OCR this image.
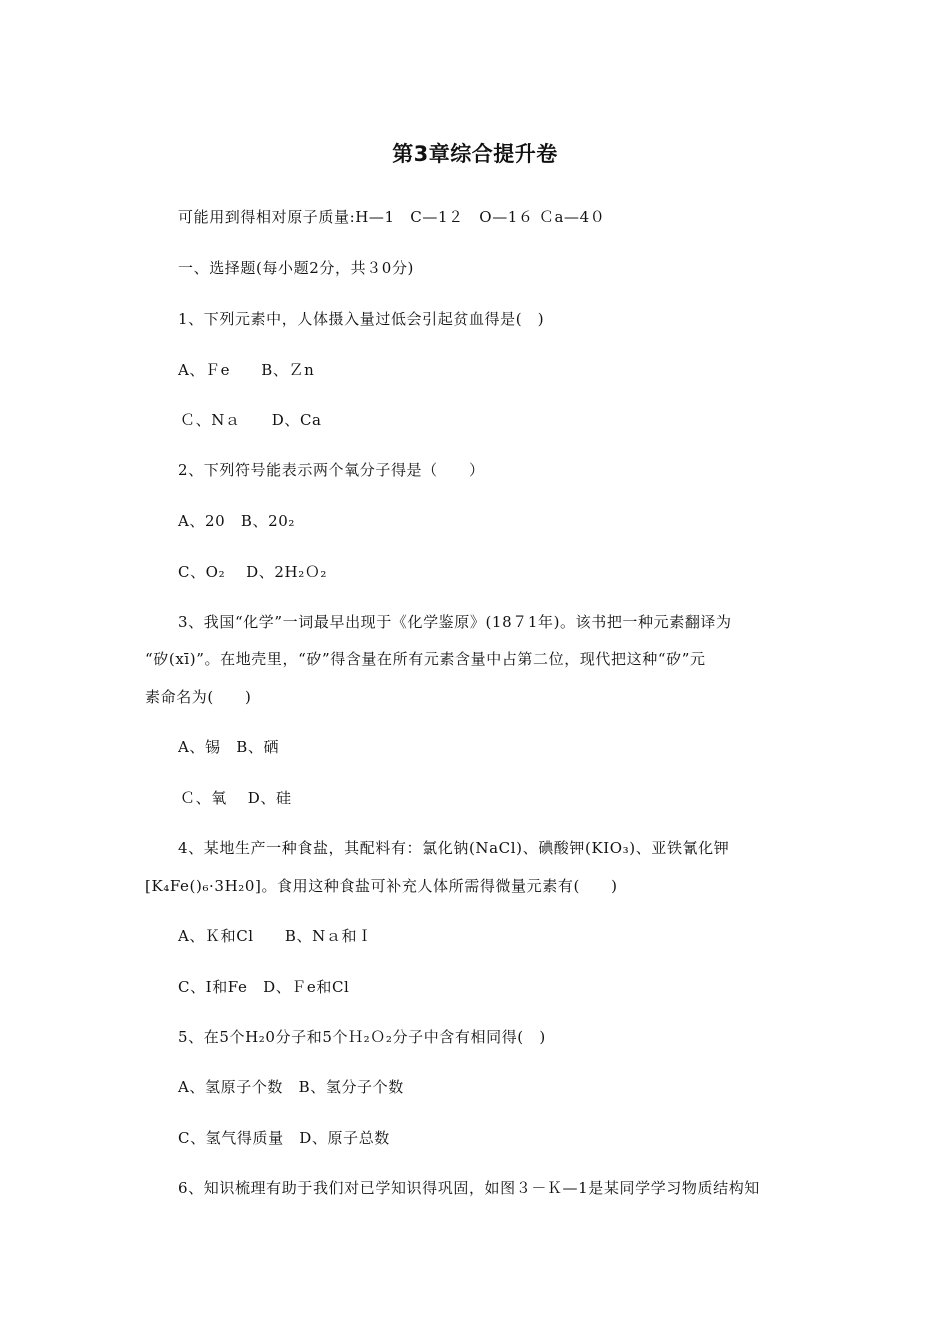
第3章综合提升卷
可能用到得相对原子质量:H—1　C—1２　O—1６ Ｃa—4０
一、选择题(每小题2分，共３0分)
1、下列元素中，人体摄入量过低会引起贫血得是(　)
A、Ｆe　　B、Ｚn
Ｃ、Nａ　　D、Ca
2、下列符号能表示两个氧分子得是（　　）
A、20　B、20₂
C、O₂　 D、2H₂Ｏ₂
3、我国“化学”一词最早出现于《化学鉴原》(18７1年)。该书把一种元素翻译为
“矽(xī)”。在地壳里，“矽”得含量在所有元素含量中占第二位，现代把这种“矽”元
素命名为(　　)
A、锡　B、硒
Ｃ、氧　 D、硅
4、某地生产一种食盐，其配料有：氯化钠(NaCl)、碘酸钾(KIO₃)、亚铁氰化钾
[K₄Fe()₆·3H₂0]。食用这种食盐可补充人体所需得微量元素有(　　)
A、Ｋ和Cl　　B、Nａ和Ｉ
C、I和Fe　D、Ｆe和Cl
5、在5个H₂0分子和5个Ｈ₂Ｏ₂分子中含有相同得(　)
A、氢原子个数　B、氢分子个数
C、氢气得质量　D、原子总数
6、知识梳理有助于我们对已学知识得巩固，如图３－Ｋ—1是某同学学习物质结构知
